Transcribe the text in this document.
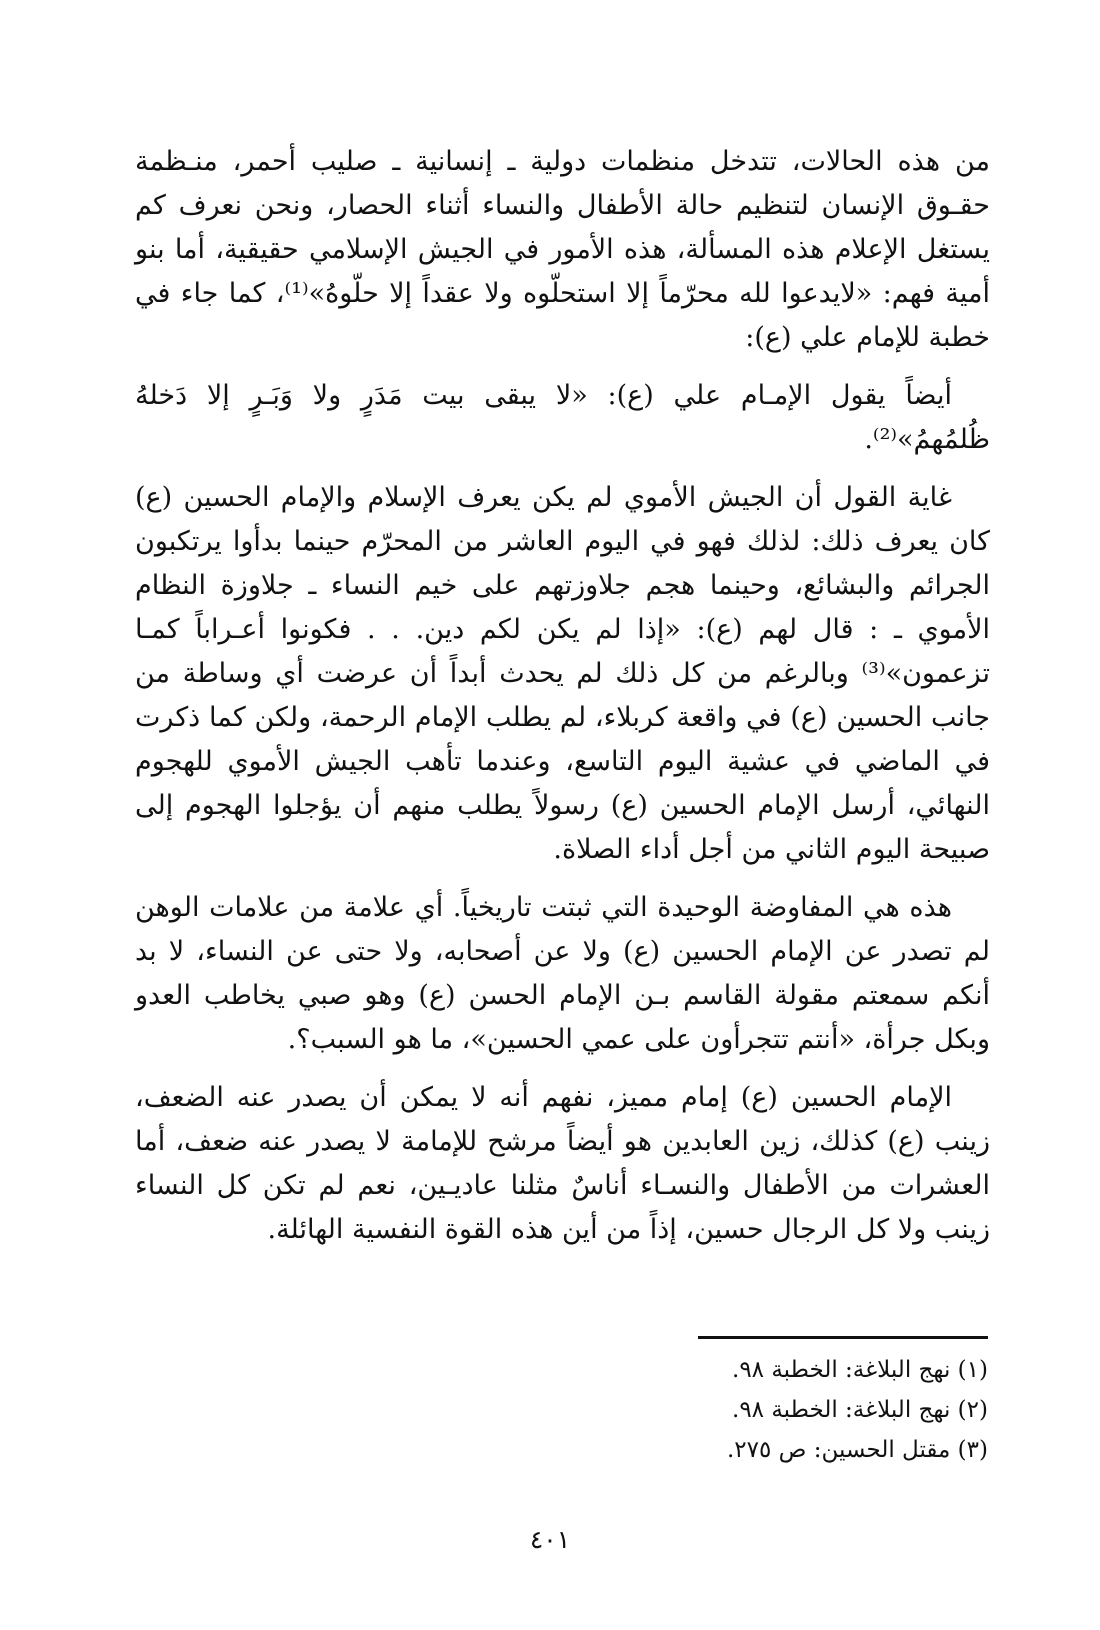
من هذه الحالات، تتدخل منظمات دولية ـ إنسانية ـ صليب أحمر، منـظمة حقـوق الإنسان لتنظيم حالة الأطفال والنساء أثناء الحصار، ونحن نعرف كم يستغل الإعلام هذه المسألة، هذه الأمور في الجيش الإسلامي حقيقية، أما بنو أمية فهم: «لايدعوا لله محرّماً إلا استحلّوه ولا عقداً إلا حلّوهُ»⁽¹⁾، كما جاء في خطبة للإمام علي (ع):

أيضاً يقول الإمـام علي (ع): «لا يبقى بيت مَدَرٍ ولا وَبَـرٍ إلا دَخلهُ ظُلمُهمُ»⁽²⁾.

غاية القول أن الجيش الأموي لم يكن يعرف الإسلام والإمام الحسين (ع) كان يعرف ذلك: لذلك فهو في اليوم العاشر من المحرّم حينما بدأوا يرتكبون الجرائم والبشائع، وحينما هجم جلاوزتهم على خيم النساء ـ جلاوزة النظام الأموي ـ : قال لهم (ع): «إذا لم يكن لكم دين. . . فكونوا أعـراباً كمـا تزعمون»⁽³⁾ وبالرغم من كل ذلك لم يحدث أبداً أن عرضت أي وساطة من جانب الحسين (ع) في واقعة كربلاء، لم يطلب الإمام الرحمة، ولكن كما ذكرت في الماضي في عشية اليوم التاسع، وعندما تأهب الجيش الأموي للهجوم النهائي، أرسل الإمام الحسين (ع) رسولاً يطلب منهم أن يؤجلوا الهجوم إلى صبيحة اليوم الثاني من أجل أداء الصلاة.

هذه هي المفاوضة الوحيدة التي ثبتت تاريخياً. أي علامة من علامات الوهن لم تصدر عن الإمام الحسين (ع) ولا عن أصحابه، ولا حتى عن النساء، لا بد أنكم سمعتم مقولة القاسم بـن الإمام الحسن (ع) وهو صبي يخاطب العدو وبكل جرأة، «أنتم تتجرأون على عمي الحسين»، ما هو السبب؟.

الإمام الحسين (ع) إمام مميز، نفهم أنه لا يمكن أن يصدر عنه الضعف، زينب (ع) كذلك، زين العابدين هو أيضاً مرشح للإمامة لا يصدر عنه ضعف، أما العشرات من الأطفال والنسـاء أناسٌ مثلنا عاديـين، نعم لم تكن كل النساء زينب ولا كل الرجال حسين، إذاً من أين هذه القوة النفسية الهائلة.

(١) نهج البلاغة: الخطبة ٩٨.

(٢) نهج البلاغة: الخطبة ٩٨.

(٣) مقتل الحسين: ص ٢٧٥.

٤٠١
